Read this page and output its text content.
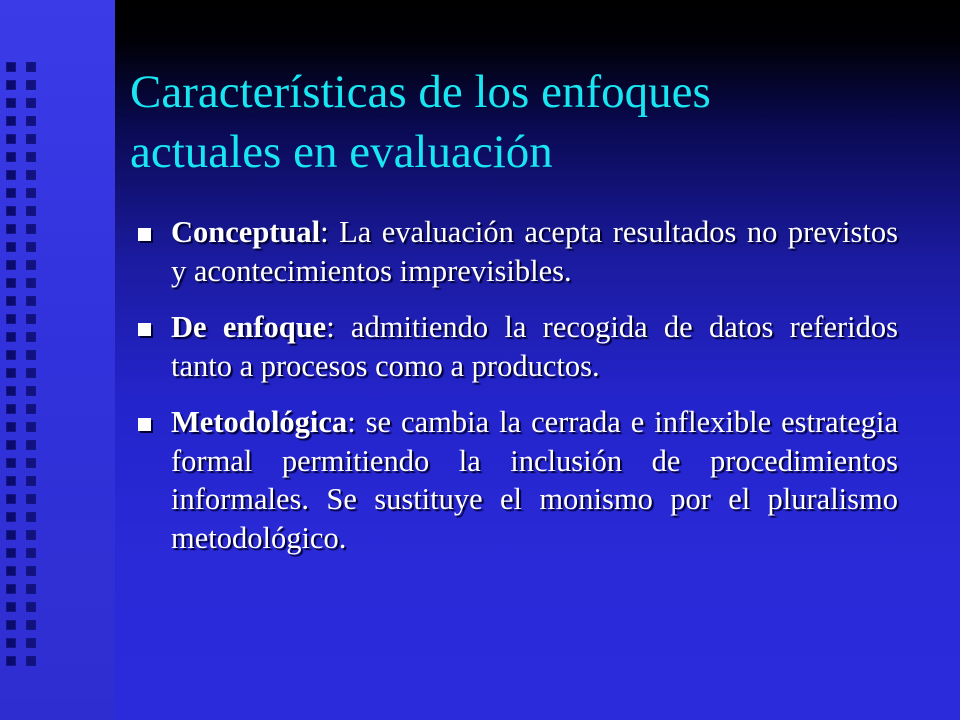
Características de los enfoques
actuales en evaluación
Conceptual: La evaluación acepta resultados no previstos y acontecimientos imprevisibles.
De enfoque: admitiendo la recogida de datos referidos tanto a procesos como a productos.
Metodológica: se cambia la cerrada e inflexible estrategia formal permitiendo la inclusión de procedimientos informales. Se sustituye el monismo por el pluralismo metodológico.
